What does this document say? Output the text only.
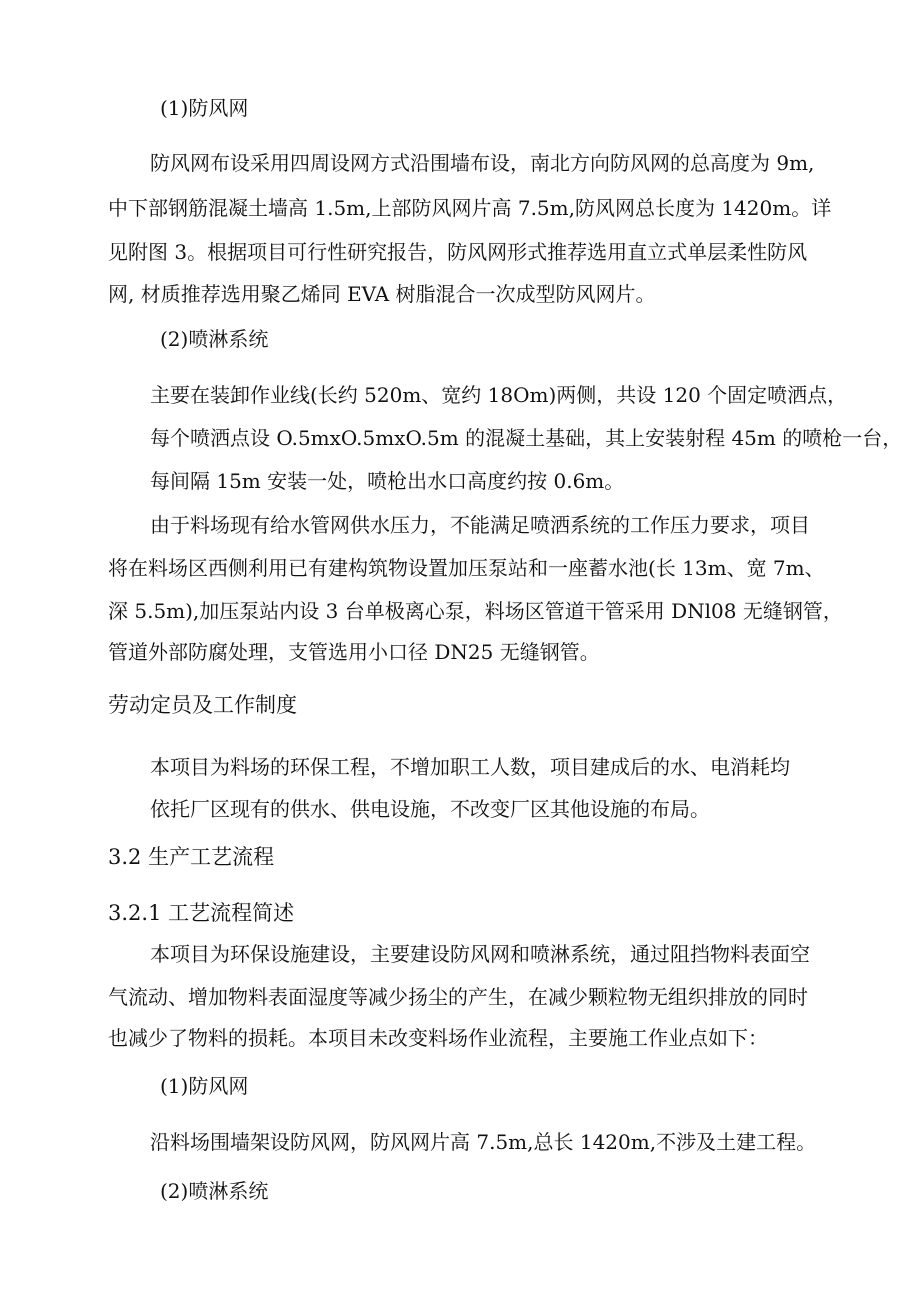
(1)防风网
防风网布设采用四周设网方式沿围墙布设，南北方向防风网的总高度为 9m,
中下部钢筋混凝土墙高 1.5m,上部防风网片高 7.5m,防风网总长度为 1420m。详
见附图 3。根据项目可行性研究报告，防风网形式推荐选用直立式单层柔性防风
网, 材质推荐选用聚乙烯同 EVA 树脂混合一次成型防风网片。
(2)喷淋系统
主要在装卸作业线(长约 520m、宽约 18Om)两侧，共设 120 个固定喷洒点，
每个喷洒点设 O.5mxO.5mxO.5m 的混凝土基础，其上安装射程 45m 的喷枪一台，
每间隔 15m 安装一处，喷枪出水口高度约按 0.6m。
由于料场现有给水管网供水压力，不能满足喷洒系统的工作压力要求，项目
将在料场区西侧利用已有建构筑物设置加压泵站和一座蓄水池(长 13m、宽 7m、
深 5.5m),加压泵站内设 3 台单极离心泵，料场区管道干管采用 DNl08 无缝钢管，
管道外部防腐处理，支管选用小口径 DN25 无缝钢管。
劳动定员及工作制度
本项目为料场的环保工程，不增加职工人数，项目建成后的水、电消耗均
依托厂区现有的供水、供电设施，不改变厂区其他设施的布局。
3.2 生产工艺流程
3.2.1 工艺流程简述
本项目为环保设施建设，主要建设防风网和喷淋系统，通过阻挡物料表面空
气流动、增加物料表面湿度等减少扬尘的产生，在减少颗粒物无组织排放的同时
也减少了物料的损耗。本项目未改变料场作业流程，主要施工作业点如下：
(1)防风网
沿料场围墙架设防风网，防风网片高 7.5m,总长 1420m,不涉及土建工程。
(2)喷淋系统
